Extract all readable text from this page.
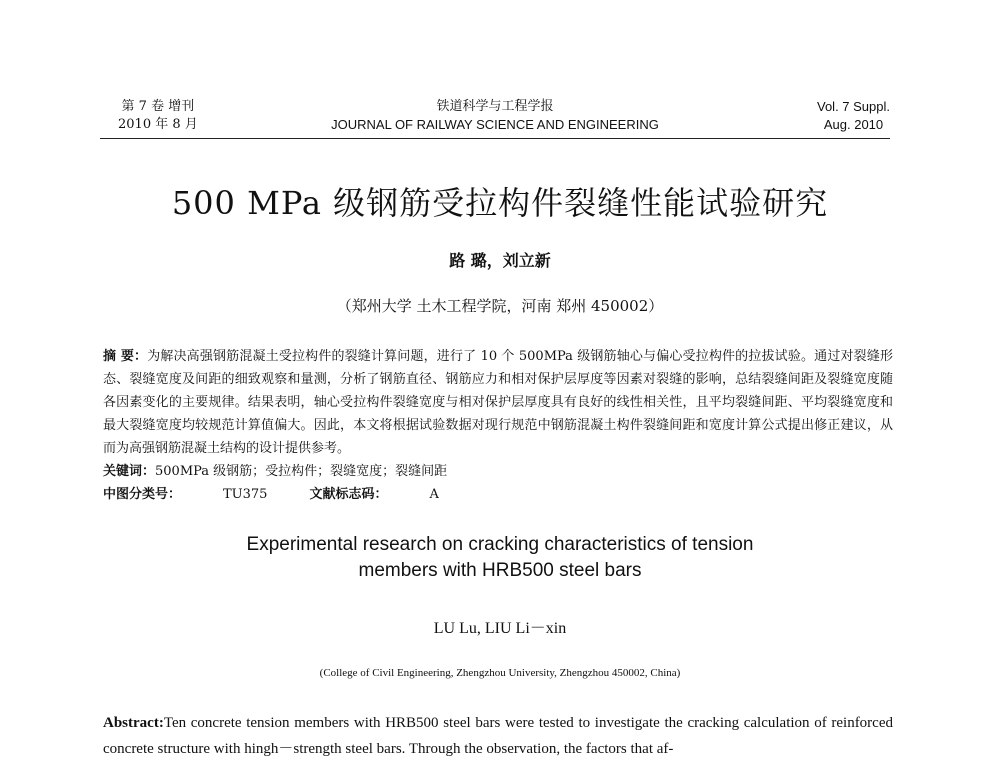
第 7 卷 增刊
2010 年 8 月
铁道科学与工程学报
JOURNAL OF RAILWAY SCIENCE AND ENGINEERING
Vol. 7 Suppl.
Aug. 2010
500 MPa 级钢筋受拉构件裂缝性能试验研究
路 璐，刘立新
（郑州大学 土木工程学院，河南 郑州 450002）

摘 要：为解决高强钢筋混凝土受拉构件的裂缝计算问题，进行了 10 个 500MPa 级钢筋轴心与偏心受拉构件的拉拔试验。通过对裂缝形态、裂缝宽度及间距的细致观察和量测，分析了钢筋直径、钢筋应力和相对保护层厚度等因素对裂缝的影响，总结裂缝间距及裂缝宽度随各因素变化的主要规律。结果表明，轴心受拉构件裂缝宽度与相对保护层厚度具有良好的线性相关性，且平均裂缝间距、平均裂缝宽度和最大裂缝宽度均较规范计算值偏大。因此，本文将根据试验数据对现行规范中钢筋混凝土构件裂缝间距和宽度计算公式提出修正建议，从而为高强钢筋混凝土结构的设计提供参考。

关键词：500MPa 级钢筋；受拉构件；裂缝宽度；裂缝间距

中图分类号：	TU375	文献标志码：	A

Experimental research on cracking characteristics of tension
members with HRB500 steel bars
LU Lu, LIU Li－xin
(College of Civil Engineering, Zhengzhou University, Zhengzhou 450002, China)

Abstract:Ten concrete tension members with HRB500 steel bars were tested to investigate the cracking calculation of reinforced concrete structure with hingh－strength steel bars. Through the observation, the factors that af-
